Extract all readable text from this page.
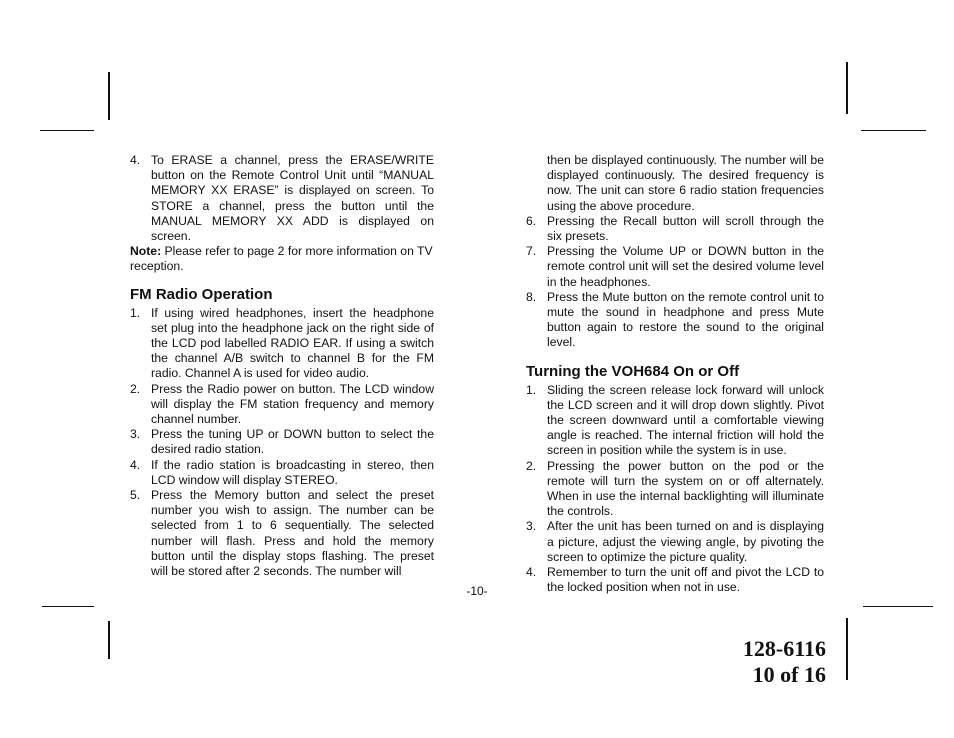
4. To ERASE a channel, press the ERASE/WRITE button on the Remote Control Unit until “MANUAL MEMORY XX ERASE” is displayed on screen. To STORE a channel, press the button until the MANUAL MEMORY XX ADD is displayed on screen.
Note: Please refer to page 2 for more information on TV reception.
FM Radio Operation
1. If using wired headphones, insert the headphone set plug into the headphone jack on the right side of the LCD pod labelled RADIO EAR. If using a switch the channel A/B switch to channel B for the FM radio. Channel A is used for video audio.
2. Press the Radio power on button. The LCD window will display the FM station frequency and memory channel number.
3. Press the tuning UP or DOWN button to select the desired radio station.
4. If the radio station is broadcasting in stereo, then LCD window will display STEREO.
5. Press the Memory button and select the preset number you wish to assign. The number can be selected from 1 to 6 sequentially. The selected number will flash. Press and hold the memory button until the display stops flashing. The preset will be stored after 2 seconds. The number will
then be displayed continuously. The number will be displayed continuously. The desired frequency is now. The unit can store 6 radio station frequencies using the above procedure.
6. Pressing the Recall button will scroll through the six presets.
7. Pressing the Volume UP or DOWN button in the remote control unit will set the desired volume level in the headphones.
8. Press the Mute button on the remote control unit to mute the sound in headphone and press Mute button again to restore the sound to the original level.
Turning the VOH684 On or Off
1. Sliding the screen release lock forward will unlock the LCD screen and it will drop down slightly. Pivot the screen downward until a comfortable viewing angle is reached. The internal friction will hold the screen in position while the system is in use.
2. Pressing the power button on the pod or the remote will turn the system on or off alternately. When in use the internal backlighting will illuminate the controls.
3. After the unit has been turned on and is displaying a picture, adjust the viewing angle, by pivoting the screen to optimize the picture quality.
4. Remember to turn the unit off and pivot the LCD to the locked position when not in use.
-10-
128-6116
10 of 16
